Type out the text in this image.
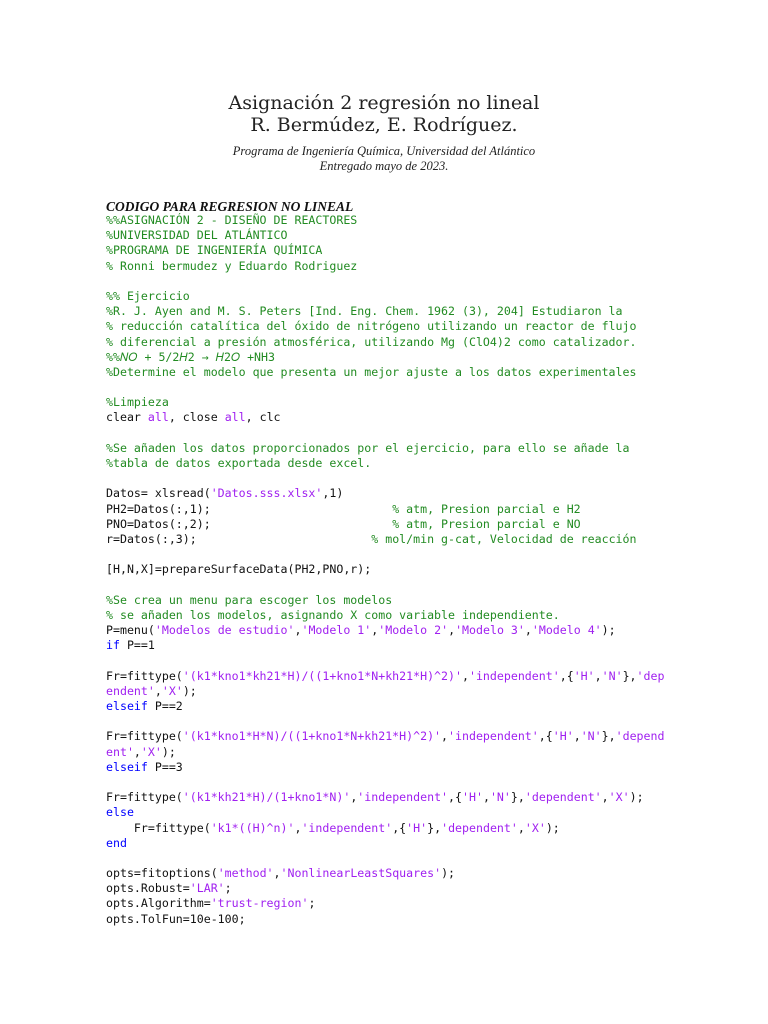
Asignación 2 regresión no lineal
R. Bermúdez, E. Rodríguez.
Programa de Ingeniería Química, Universidad del Atlántico
Entregado mayo de 2023.
CODIGO PARA REGRESION NO LINEAL
%%ASIGNACIÓN 2 - DISEÑO DE REACTORES
%UNIVERSIDAD DEL ATLÁNTICO
%PROGRAMA DE INGENIERÍA QUÍMICA
% Ronni bermudez y Eduardo Rodriguez
%% Ejercicio
%R. J. Ayen and M. S. Peters [Ind. Eng. Chem. 1962 (3), 204] Estudiaron la
% reducción catalítica del óxido de nitrógeno utilizando un reactor de flujo
% diferencial a presión atmosférica, utilizando Mg (ClO4)2 como catalizador.
%%𝑁𝑂 + 5/2𝐻2 → 𝐻2𝑂 +NH3
%Determine el modelo que presenta un mejor ajuste a los datos experimentales
%Limpieza
clear all, close all, clc
%Se añaden los datos proporcionados por el ejercicio, para ello se añade la
%tabla de datos exportada desde excel.
Datos= xlsread('Datos.sss.xlsx',1)
PH2=Datos(:,1);                          % atm, Presion parcial e H2
PNO=Datos(:,2);                          % atm, Presion parcial e NO
r=Datos(:,3);                         % mol/min g-cat, Velocidad de reacción
[H,N,X]=prepareSurfaceData(PH2,PNO,r);
%Se crea un menu para escoger los modelos
% se añaden los modelos, asignando X como variable independiente.
P=menu('Modelos de estudio','Modelo 1','Modelo 2','Modelo 3','Modelo 4');
if P==1
Fr=fittype('(k1*kno1*kh21*H)/((1+kno1*N+kh21*H)^2)','independent',{'H','N'},'dep
endent','X');
elseif P==2
Fr=fittype('(k1*kno1*H*N)/((1+kno1*N+kh21*H)^2)','independent',{'H','N'},'depend
ent','X');
elseif P==3
Fr=fittype('(k1*kh21*H)/(1+kno1*N)','independent',{'H','N'},'dependent','X');
else
Fr=fittype('k1*((H)^n)','independent',{'H'},'dependent','X');
end
opts=fitoptions('method','NonlinearLeastSquares');
opts.Robust='LAR';
opts.Algorithm='trust-region';
opts.TolFun=10e-100;
